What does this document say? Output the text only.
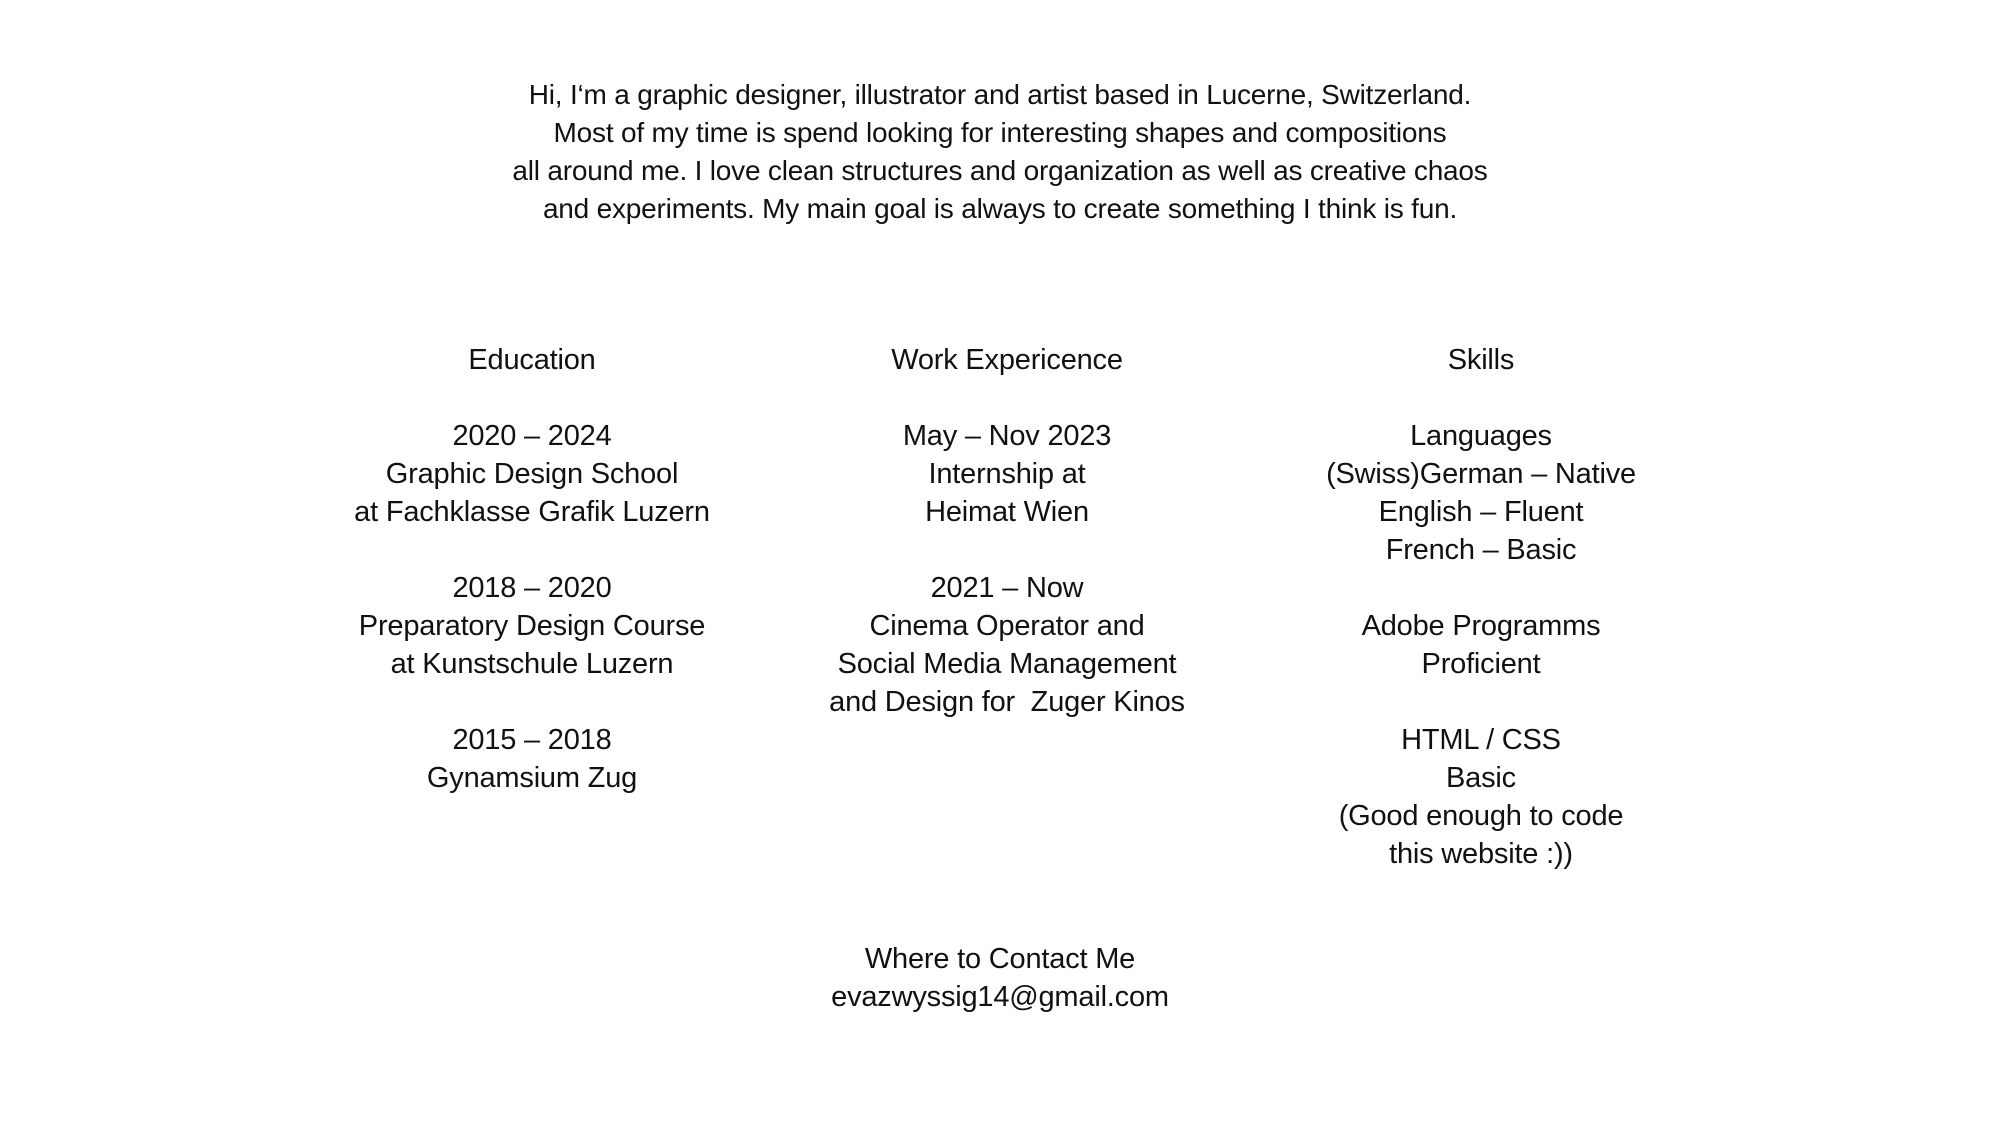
Hi, I‘m a graphic designer, illustrator and artist based in Lucerne, Switzerland.
Most of my time is spend looking for interesting shapes and compositions
all around me. I love clean structures and organization as well as creative chaos
and experiments. My main goal is always to create something I think is fun.
Education
2020 – 2024
Graphic Design School
at Fachklasse Grafik Luzern
2018 – 2020
Preparatory Design Course
at Kunstschule Luzern
2015 – 2018
Gynamsium Zug
Work Expericence
May – Nov 2023
Internship at
Heimat Wien
2021 – Now
Cinema Operator and
Social Media Management
and Design for  Zuger Kinos
Skills
Languages
(Swiss)German – Native
English – Fluent
French – Basic
Adobe Programms
Proficient
HTML / CSS
Basic
(Good enough to code
this website :))
Where to Contact Me
evazwyssig14@gmail.com
